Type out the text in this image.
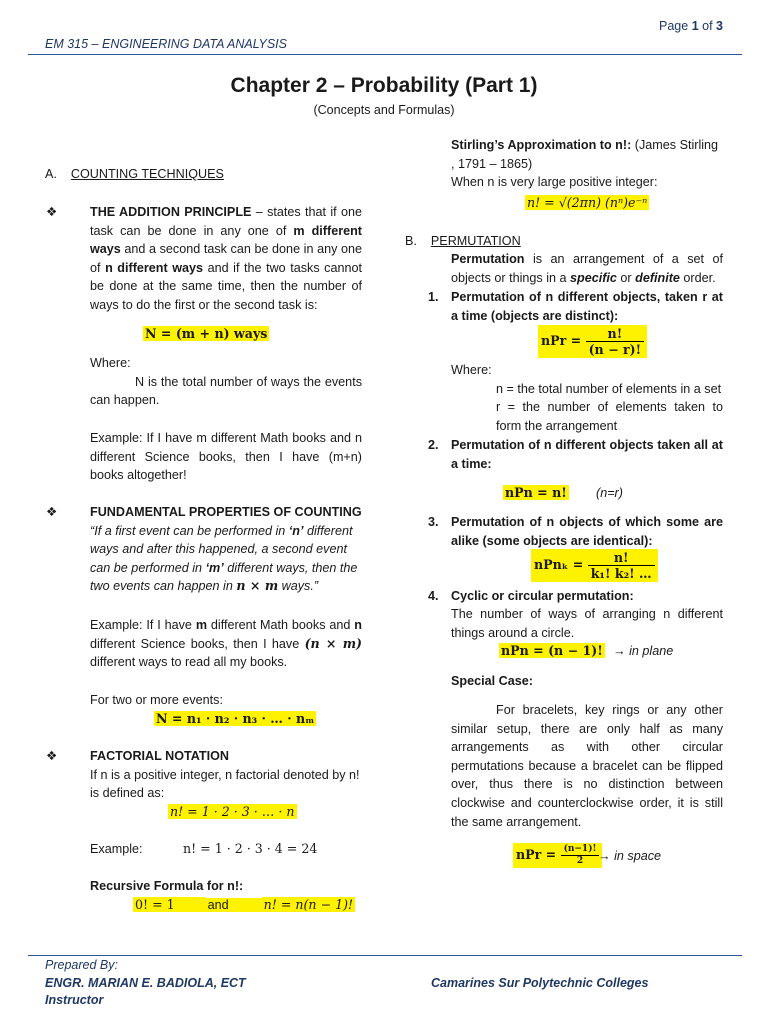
Page 1 of 3
EM 315 – ENGINEERING DATA ANALYSIS
Chapter 2 – Probability (Part 1)
(Concepts and Formulas)
A. COUNTING TECHNIQUES
❖	THE ADDITION PRINCIPLE – states that if one task can be done in any one of m different ways and a second task can be done in any one of n different ways and if the two tasks cannot be done at the same time, then the number of ways to do the first or the second task is:
N = (m + n) ways
Where:
N is the total number of ways the events can happen.
Example: If I have m different Math books and n different Science books, then I have (m+n) books altogether!
❖	FUNDAMENTAL PROPERTIES OF COUNTING
“If a first event can be performed in ‘n’ different ways and after this happened, a second event can be performed in ‘m’ different ways, then the two events can happen in n × m ways.”
Example: If I have m different Math books and n different Science books, then I have (n × m) different ways to read all my books.
For two or more events:
N = n₁ · n₂ · n₃ · … · nₘ
❖	FACTORIAL NOTATION
If n is a positive integer, n factorial denoted by n! is defined as:
n! = 1 · 2 · 3 · … · n
Example:	n! = 1 · 2 · 3 · 4 = 24
Recursive Formula for n!:
0! = 1	and	n! = n(n − 1)!
Stirling’s Approximation to n!: (James Stirling , 1791 – 1865)
When n is very large positive integer:
n! = √(2πn) (nⁿ)e⁻ⁿ
B. PERMUTATION
Permutation is an arrangement of a set of objects or things in a specific or definite order.
1. Permutation of n different objects, taken r at a time (objects are distinct):
nPr =
$\frac{n!}{(n - r)!}$
Where:
n = the total number of elements in a set
r = the number of elements taken to form the arrangement
2. Permutation of n different objects taken all at a time:
nPn = n! (n=r)
3. Permutation of n objects of which some are alike (some objects are identical):
nPnₖ =
$\frac{n!}{\text{k₁! k₂! …}}$
4. Cyclic or circular permutation:
The number of ways of arranging n different things around a circle.
nPn = (n − 1)! → in plane
Special Case:
For bracelets, key rings or any other similar setup, there are only half as many arrangements as with other circular permutations because a bracelet can be flipped over, thus there is no distinction between clockwise and counterclockwise order, it is still the same arrangement.
nPr =
$\frac{(n-1)!}{2}$
→ in space
Prepared By:
ENGR. MARIAN E. BADIOLA, ECT
Instructor
Camarines Sur Polytechnic Colleges
